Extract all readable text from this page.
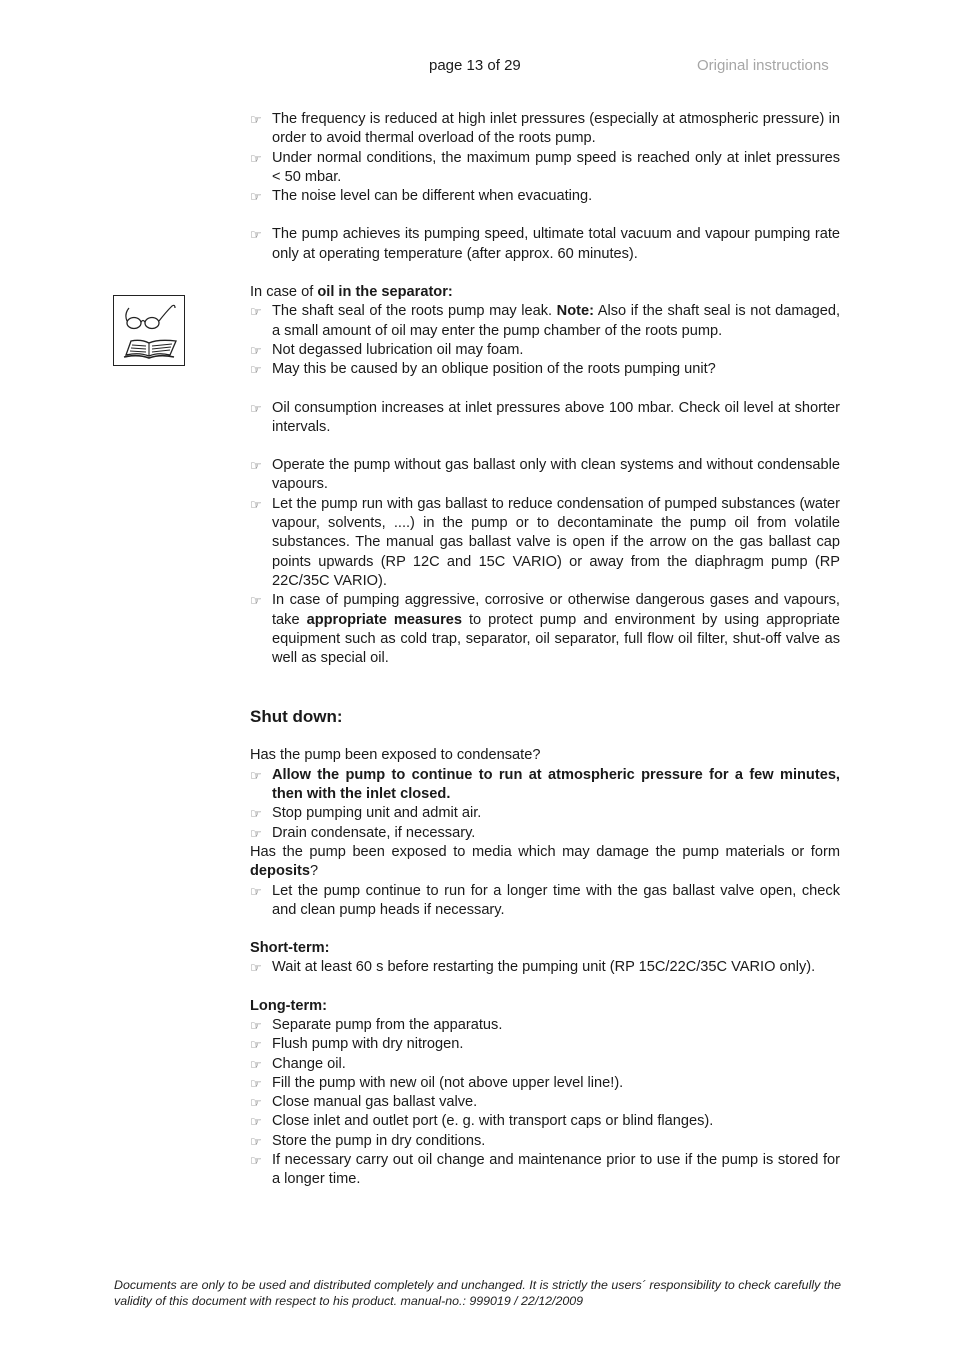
page 13 of 29	Original instructions
☞ The frequency is reduced at high inlet pressures (especially at atmospheric pressure) in order to avoid thermal overload of the roots pump.
☞ Under normal conditions, the maximum pump speed is reached only at inlet pressures < 50 mbar.
☞ The noise level can be different when evacuating.
☞ The pump achieves its pumping speed, ultimate total vacuum and vapour pumping rate only at operating temperature (after approx. 60 minutes).

In case of oil in the separator:

☞ The shaft seal of the roots pump may leak. Note: Also if the shaft seal is not damaged, a small amount of oil may enter the pump chamber of the roots pump.
☞ Not degassed lubrication oil may foam.
☞ May this be caused by an oblique position of the roots pumping unit?
☞ Oil consumption increases at inlet pressures above 100 mbar. Check oil level at shorter intervals.
☞ Operate the pump without gas ballast only with clean systems and without condensable vapours.
☞ Let the pump run with gas ballast to reduce condensation of pumped substances (water vapour, solvents, ....) in the pump or to decontaminate the pump oil from volatile substances. The manual gas ballast valve is open if the arrow on the gas ballast cap points upwards (RP 12C and 15C VARIO) or away from the diaphragm pump (RP 22C/35C VARIO).
☞ In case of pumping aggressive, corrosive or otherwise dangerous gases and vapours, take appropriate measures to protect pump and environment by using appropriate equipment such as cold trap, separator, oil separator, full flow oil filter, shut-off valve as well as special oil.
Shut down:

Has the pump been exposed to condensate?

☞ Allow the pump to continue to run at atmospheric pressure for a few minutes, then with the inlet closed.
☞ Stop pumping unit and admit air.
☞ Drain condensate, if necessary.

Has the pump been exposed to media which may damage the pump materials or form deposits?

☞ Let the pump continue to run for a longer time with the gas ballast valve open, check and clean pump heads if necessary.

Short-term:

☞ Wait at least 60 s before restarting the pumping unit (RP 15C/22C/35C VARIO only).

Long-term:

☞ Separate pump from the apparatus.
☞ Flush pump with dry nitrogen.
☞ Change oil.
☞ Fill the pump with new oil (not above upper level line!).
☞ Close manual gas ballast valve.
☞ Close inlet and outlet port (e. g. with transport caps or blind flanges).
☞ Store the pump in dry conditions.
☞ If necessary carry out oil change and maintenance prior to use if the pump is stored for a longer time.
Documents are only to be used and distributed completely and unchanged. It is strictly the users´ responsibility to check carefully the validity of this document with respect to his product. manual-no.: 999019 / 22/12/2009
